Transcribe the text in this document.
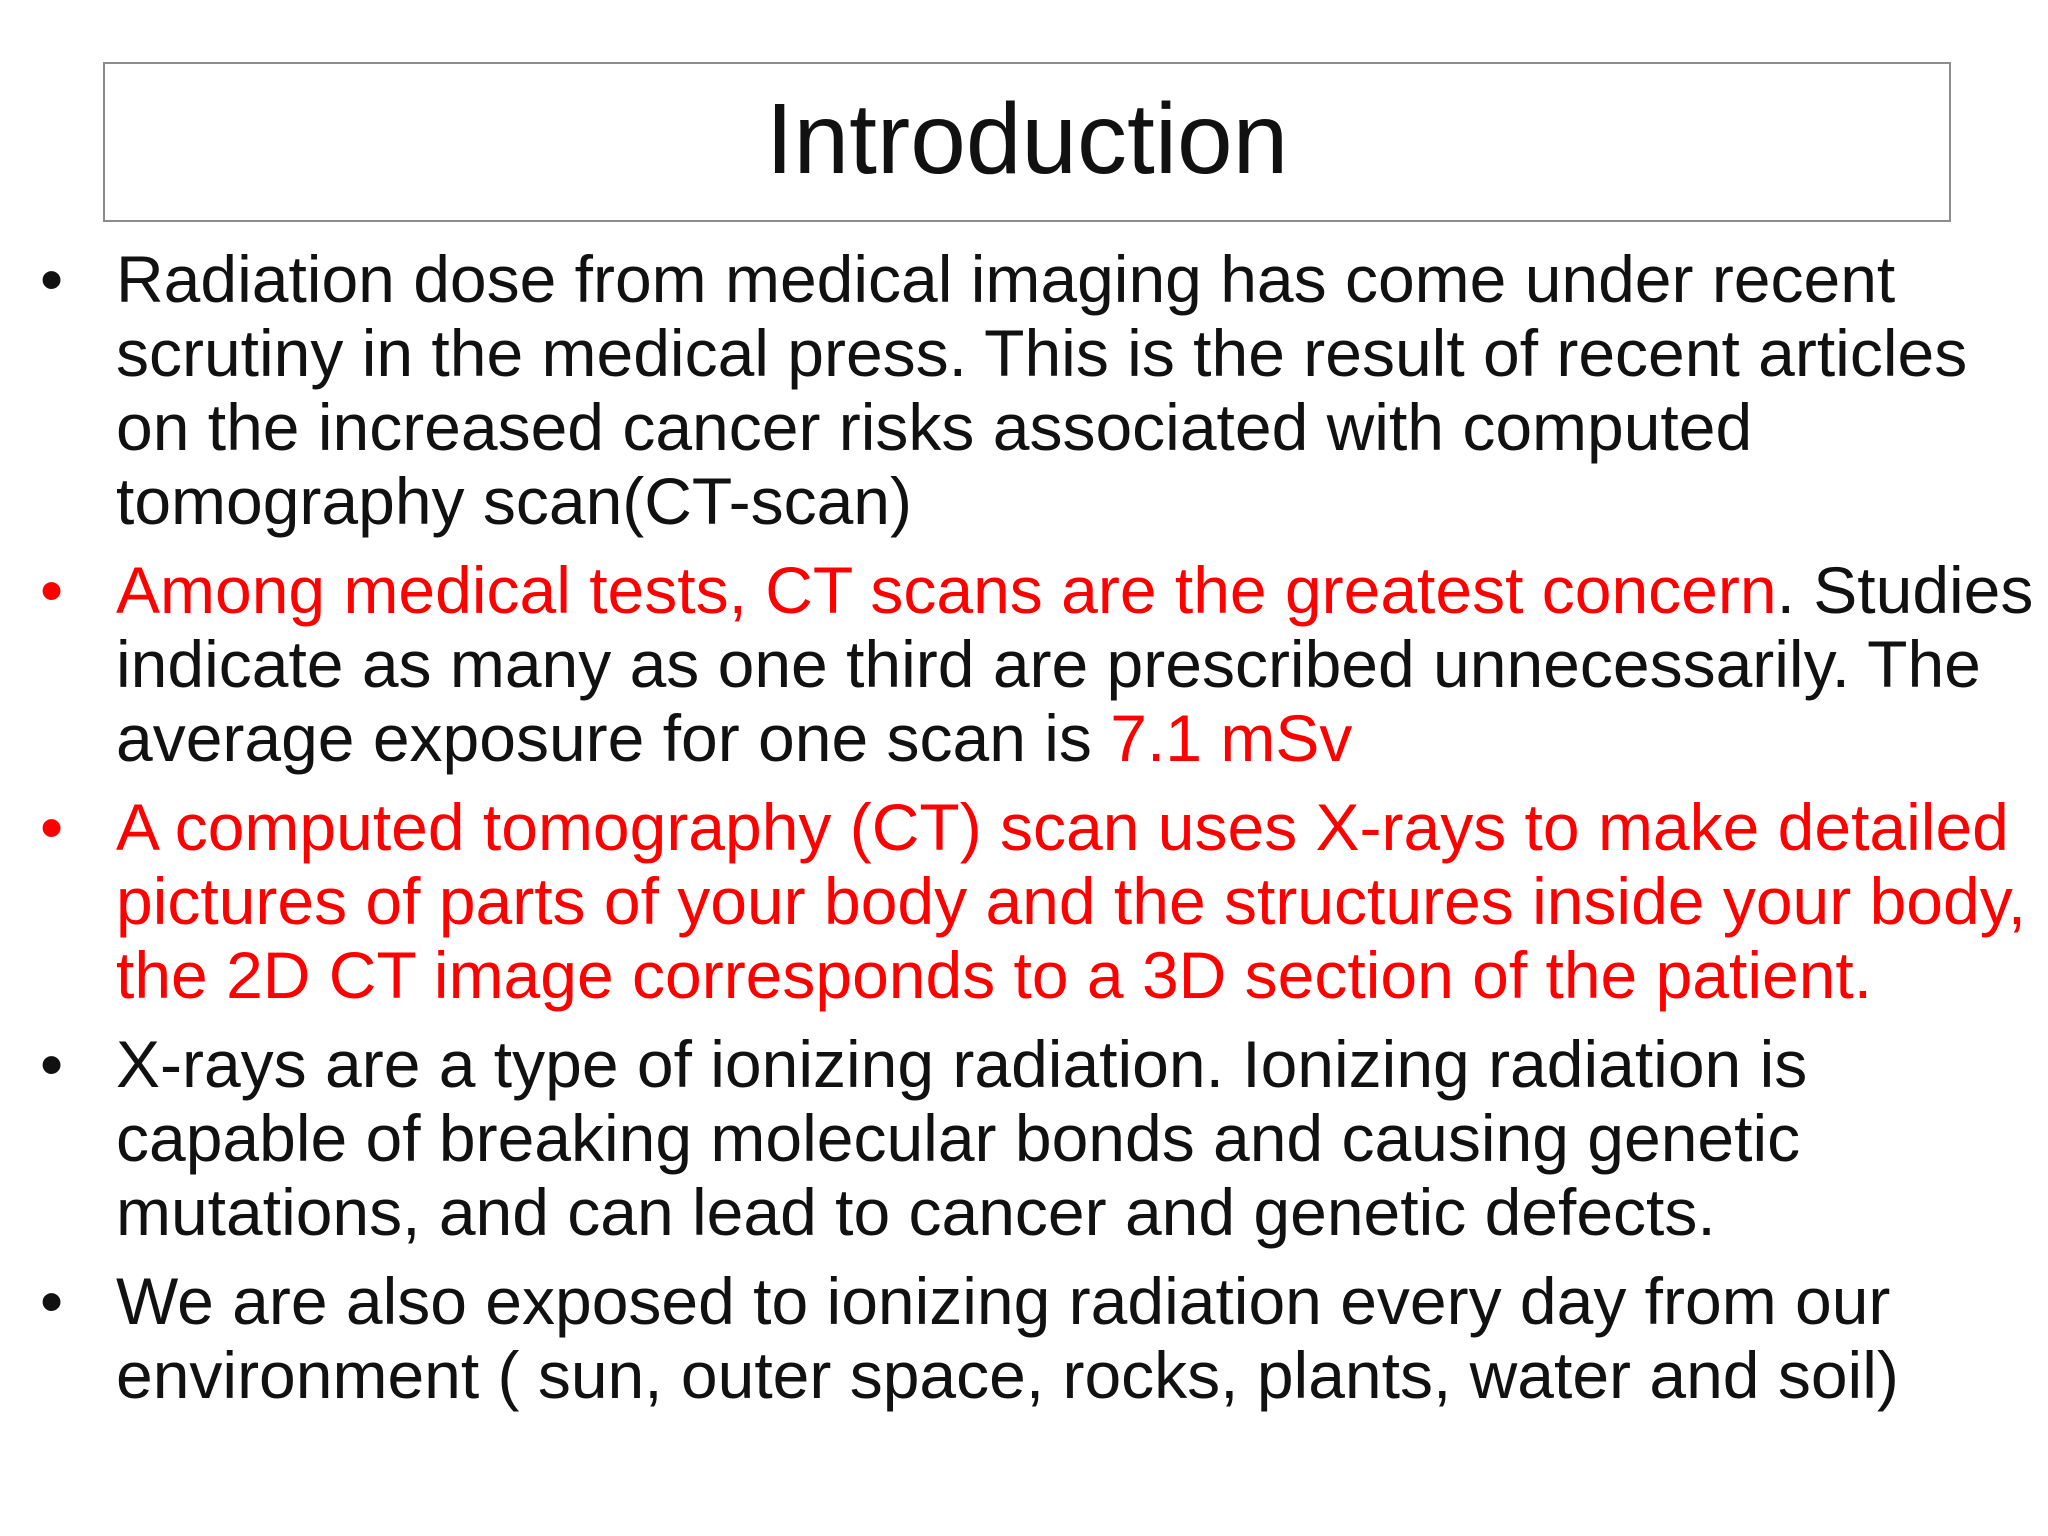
Introduction
• Radiation dose from medical imaging has come under recent scrutiny in the medical press. This is the result of recent articles on the increased cancer risks associated with computed tomography scan(CT-scan)
• Among medical tests, CT scans are the greatest concern. Studies indicate as many as one third are prescribed unnecessarily. The average exposure for one scan is 7.1 mSv
• A computed tomography (CT) scan uses X-rays to make detailed pictures of parts of your body and the structures inside your body, the 2D CT image corresponds to a 3D section of the patient.
• X-rays are a type of ionizing radiation. Ionizing radiation is capable of breaking molecular bonds and causing genetic mutations, and can lead to cancer and genetic defects.
• We are also exposed to ionizing radiation every day from our environment ( sun, outer space, rocks, plants, water and soil)
